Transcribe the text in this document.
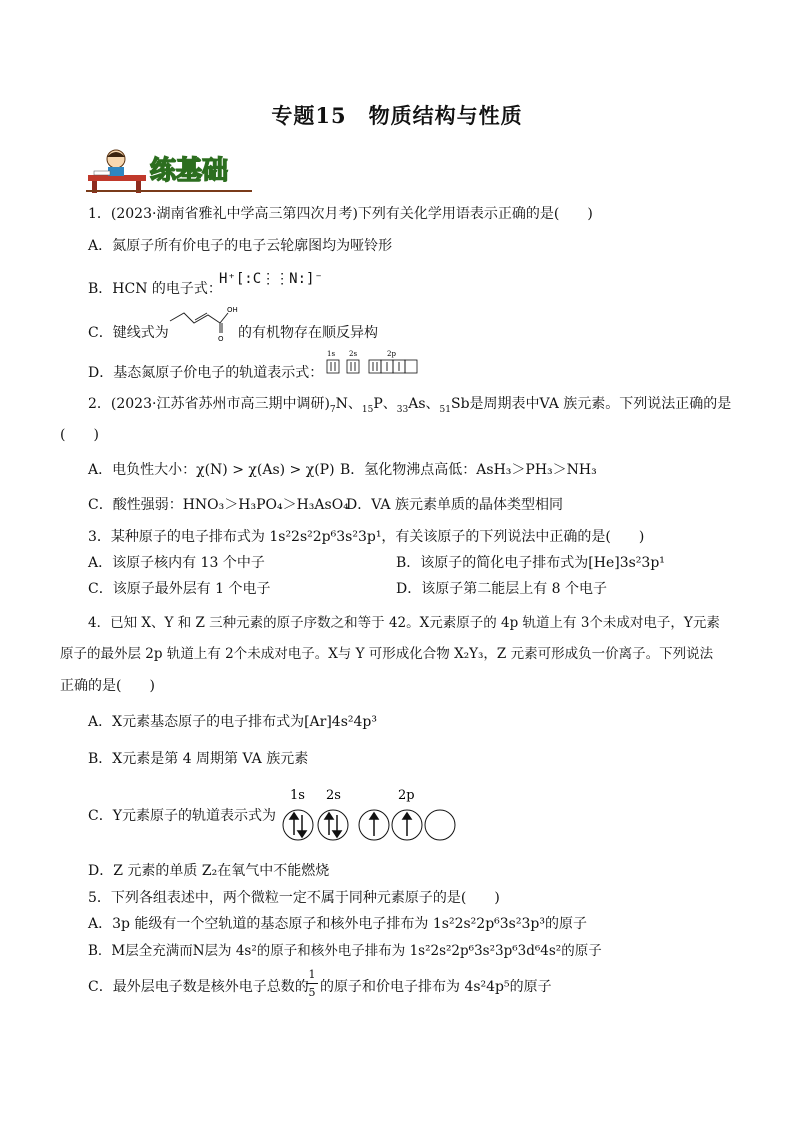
专题15　物质结构与性质
练基础
1．(2023·湖南省雅礼中学高三第四次月考)下列有关化学用语表示正确的是(　　)
A．氮原子所有价电子的电子云轮廓图均为哑铃形
B．HCN 的电子式：
H⁺[:C⋮⋮N:]⁻
C．键线式为
OH
O 的有机物存在顺反异构
D．基态氮原子价电子的轨道表示式：
1s 2s	2p
2．(2023·江苏省苏州市高三期中调研)$_7N$、$_{15}$P、$_{33}$As、$_{51}$Sb是周期表中VA 族元素。下列说法正确的是
(　　)
A．电负性大小：χ(N) > χ(As) > χ(P) B．氢化物沸点高低：AsH₃＞PH₃＞NH₃
C．酸性强弱：HNO₃＞H₃PO₄＞H₃AsO₄
D．VA 族元素单质的晶体类型相同
3．某种原子的电子排布式为 1s²2s²2p⁶3s²3p¹，有关该原子的下列说法中正确的是(　　)
A．该原子核内有 13 个中子	B．该原子的简化电子排布式为[He]3s²3p¹
C．该原子最外层有 1 个电子	D．该原子第二能层上有 8 个电子
4．已知 X、Y 和 Z 三种元素的原子序数之和等于 42。X元素原子的 4p 轨道上有 3个未成对电子，Y元素
原子的最外层 2p 轨道上有 2个未成对电子。X与 Y 可形成化合物 X₂Y₃，Z 元素可形成负一价离子。下列说法
正确的是(　　)
A．X元素基态原子的电子排布式为[Ar]4s²4p³
B．X元素是第 4 周期第 VA 族元素
C．Y元素原子的轨道表示式为
1s 2s	2p
D．Z 元素的单质 Z₂在氧气中不能燃烧
5．下列各组表述中，两个微粒一定不属于同种元素原子的是(　　)
A．3p 能级有一个空轨道的基态原子和核外电子排布为 1s²2s²2p⁶3s²3p³的原子
B．M层全充满而N层为 4s²的原子和核外电子排布为 1s²2s²2p⁶3s²3p⁶3d⁶4s²的原子
C．最外层电子数是核外电子总数的
1
5 的原子和价电子排布为 4s²4p⁵的原子
